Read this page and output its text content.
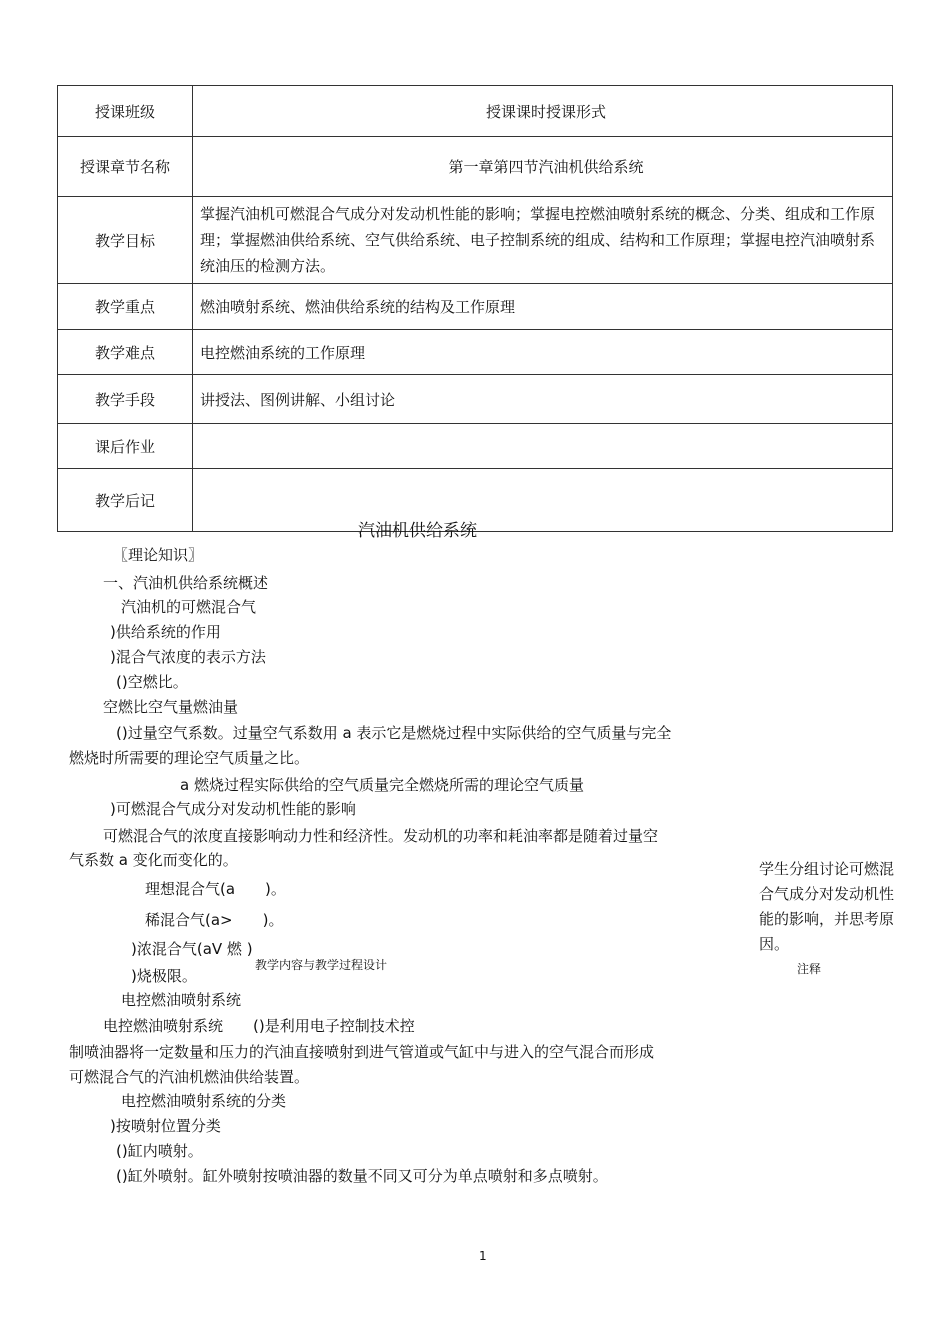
授课班级	授课课时授课形式
授课章节名称	第一章第四节汽油机供给系统
教学目标	掌握汽油机可燃混合气成分对发动机性能的影响；掌握电控燃油喷射系统的概念、分类、组成和工作原理；掌握燃油供给系统、空气供给系统、电子控制系统的组成、结构和工作原理；掌握电控汽油喷射系统油压的检测方法。
教学重点	燃油喷射系统、燃油供给系统的结构及工作原理
教学难点	电控燃油系统的工作原理
教学手段	讲授法、图例讲解、小组讨论
课后作业	
教学后记	
汽油机供给系统
〖理论知识〗
一、汽油机供给系统概述
汽油机的可燃混合气
)供给系统的作用
)混合气浓度的表示方法
()空燃比。
空燃比空气量燃油量
()过量空气系数。过量空气系数用 a 表示它是燃烧过程中实际供给的空气质量与完全
燃烧时所需要的理论空气质量之比。
a 燃烧过程实际供给的空气质量完全燃烧所需的理论空气质量
)可燃混合气成分对发动机性能的影响
可燃混合气的浓度直接影响动力性和经济性。发动机的功率和耗油率都是随着过量空
气系数 a 变化而变化的。
理想混合气(a　　)。
稀混合气(a>　　)。
)浓混合气(aV 燃 )
教学内容与教学过程设计
)烧极限。
电控燃油喷射系统
电控燃油喷射系统　　()是利用电子控制技术控
制喷油器将一定数量和压力的汽油直接喷射到进气管道或气缸中与进入的空气混合而形成
可燃混合气的汽油机燃油供给装置。
电控燃油喷射系统的分类
)按喷射位置分类
()缸内喷射。
()缸外喷射。缸外喷射按喷油器的数量不同又可分为单点喷射和多点喷射。
学生分组讨论可燃混合气成分对发动机性能的影响，并思考原因。
注释
1
